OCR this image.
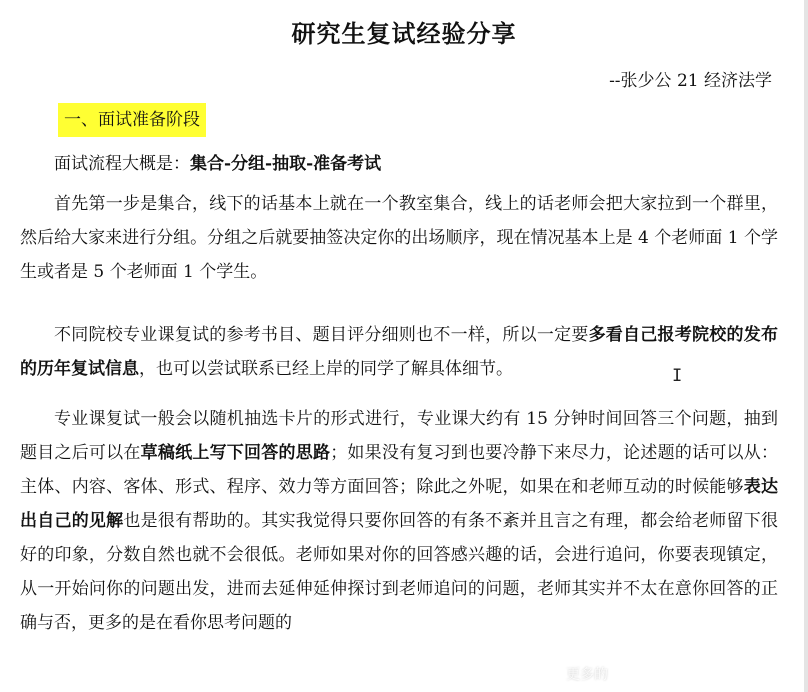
研究生复试经验分享
--张少公 21 经济法学
一、面试准备阶段

面试流程大概是：集合-分组-抽取-准备考试

首先第一步是集合，线下的话基本上就在一个教室集合，线上的话老师会把大家拉到一个群里，然后给大家来进行分组。分组之后就要抽签决定你的出场顺序，现在情况基本上是 4 个老师面 1 个学生或者是 5 个老师面 1 个学生。

不同院校专业课复试的参考书目、题目评分细则也不一样，所以一定要多看自己报考院校的发布的历年复试信息，也可以尝试联系已经上岸的同学了解具体细节。

专业课复试一般会以随机抽选卡片的形式进行，专业课大约有 15 分钟时间回答三个问题，抽到题目之后可以在草稿纸上写下回答的思路；如果没有复习到也要冷静下来尽力，论述题的话可以从：主体、内容、客体、形式、程序、效力等方面回答；除此之外呢，如果在和老师互动的时候能够表达出自己的见解也是很有帮助的。其实我觉得只要你回答的有条不紊并且言之有理，都会给老师留下很好的印象，分数自然也就不会很低。老师如果对你的回答感兴趣的话，会进行追问，你要表现镇定，从一开始问你的问题出发，进而去延伸延伸探讨到老师追问的问题，老师其实并不太在意你回答的正确与否，更多的是在看你思考问题的

I
更多的
